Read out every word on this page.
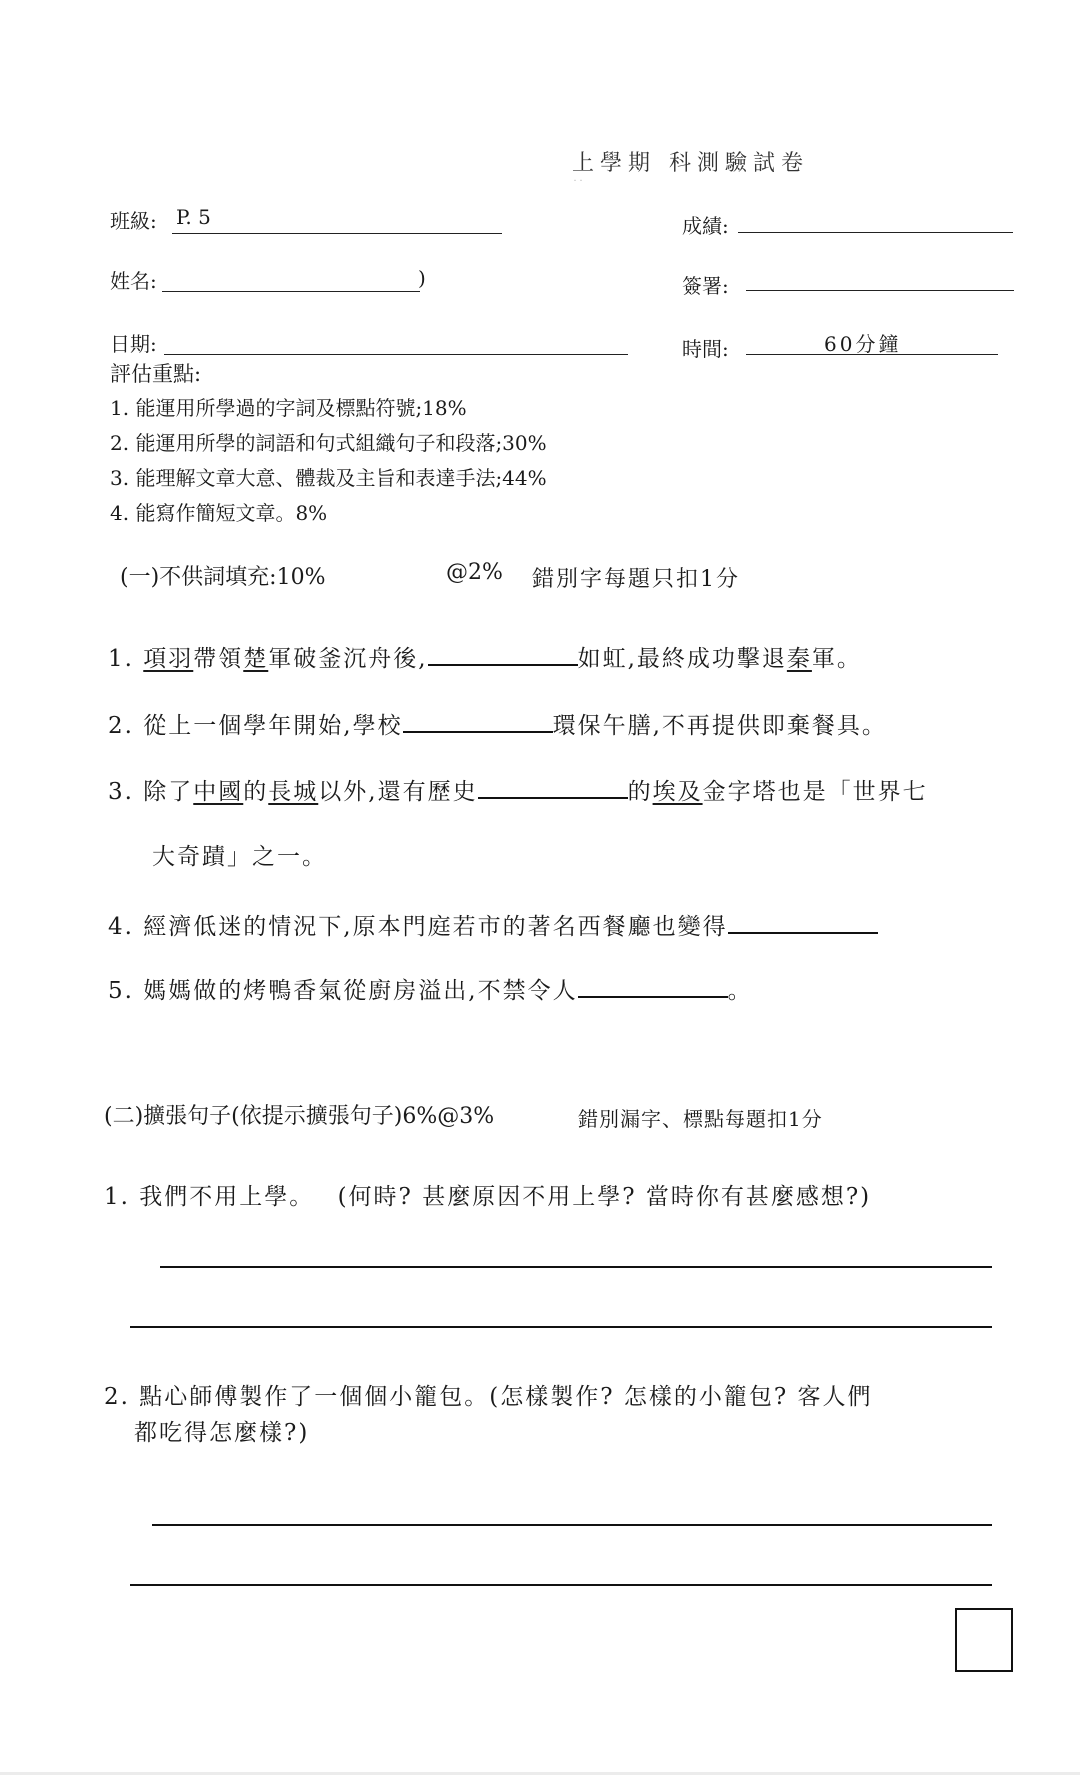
上學期 科測驗試卷
˙˙
班級: P. 5	成績:
姓名:	)	簽署:
日期:	時間:	60分鐘
評估重點:
1. 能運用所學過的字詞及標點符號;18%
2. 能運用所學的詞語和句式組織句子和段落;30%
3. 能理解文章大意、體裁及主旨和表達手法;44%
4. 能寫作簡短文章。8%
(一)不供詞填充:10%	@2% 錯別字每題只扣1分
1. 項羽帶領楚軍破釜沉舟後,	如虹,最終成功擊退秦軍。
2. 從上一個學年開始,學校	環保午膳,不再提供即棄餐具。
3. 除了中國的長城以外,還有歷史	的埃及金字塔也是「世界七
大奇蹟」之一。
4. 經濟低迷的情況下,原本門庭若市的著名西餐廳也變得
5. 媽媽做的烤鴨香氣從廚房溢出,不禁令人	。
(二)擴張句子(依提示擴張句子)6%@3%	錯別漏字、標點每題扣1分
1. 我們不用上學。 (何時? 甚麼原因不用上學? 當時你有甚麼感想?)
2. 點心師傅製作了一個個小籠包。(怎樣製作? 怎樣的小籠包? 客人們
都吃得怎麼樣?)
